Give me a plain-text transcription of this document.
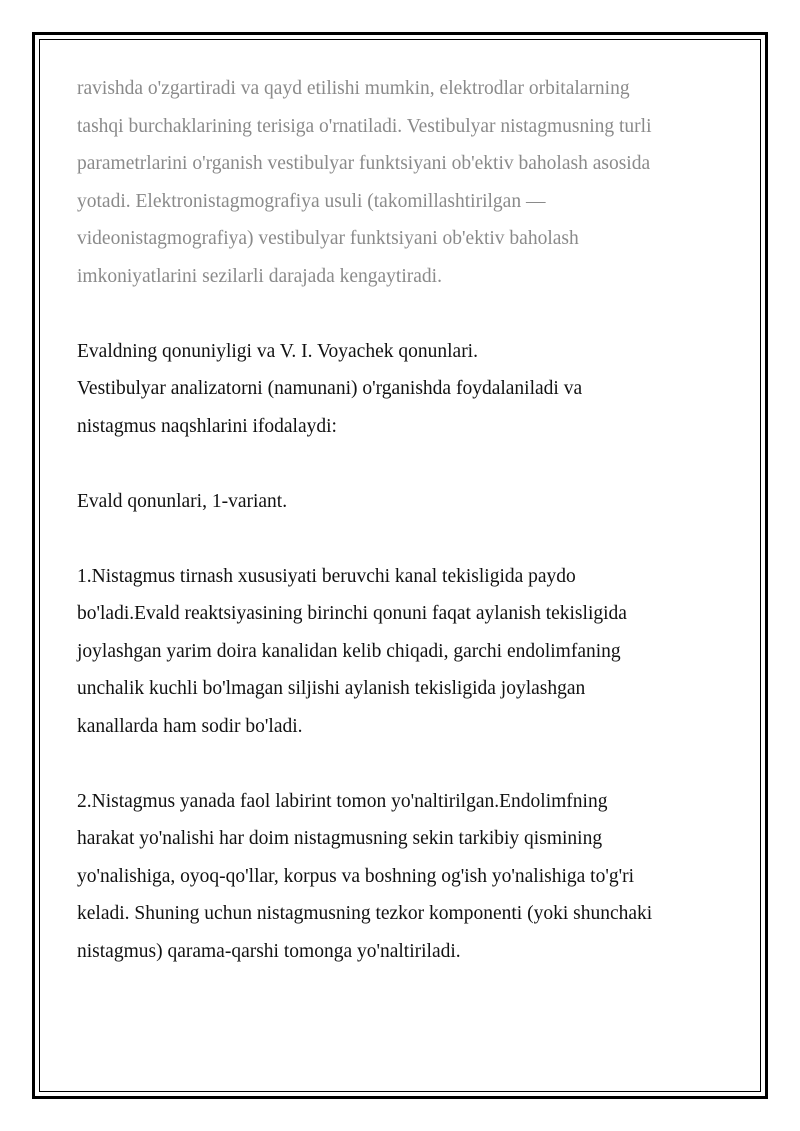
ravishda o'zgartiradi va qayd etilishi mumkin, elektrodlar orbitalarning

tashqi burchaklarining terisiga o'rnatiladi. Vestibulyar nistagmusning turli

parametrlarini o'rganish vestibulyar funktsiyani ob'ektiv baholash asosida

yotadi. Elektronistagmografiya usuli (takomillashtirilgan —

videonistagmografiya) vestibulyar funktsiyani ob'ektiv baholash

imkoniyatlarini sezilarli darajada kengaytiradi.

Evaldning qonuniyligi va V. I. Voyachek qonunlari.

Vestibulyar analizatorni (namunani) o'rganishda foydalaniladi va

nistagmus naqshlarini ifodalaydi:

Evald qonunlari, 1-variant.

1.Nistagmus tirnash xususiyati beruvchi kanal tekisligida paydo

bo'ladi.Evald reaktsiyasining birinchi qonuni faqat aylanish tekisligida

joylashgan yarim doira kanalidan kelib chiqadi, garchi endolimfaning

unchalik kuchli bo'lmagan siljishi aylanish tekisligida joylashgan

kanallarda ham sodir bo'ladi.

2.Nistagmus yanada faol labirint tomon yo'naltirilgan.Endolimfning

harakat yo'nalishi har doim nistagmusning sekin tarkibiy qismining

yo'nalishiga, oyoq-qo'llar, korpus va boshning og'ish yo'nalishiga to'g'ri

keladi. Shuning uchun nistagmusning tezkor komponenti (yoki shunchaki

nistagmus) qarama-qarshi tomonga yo'naltiriladi.
